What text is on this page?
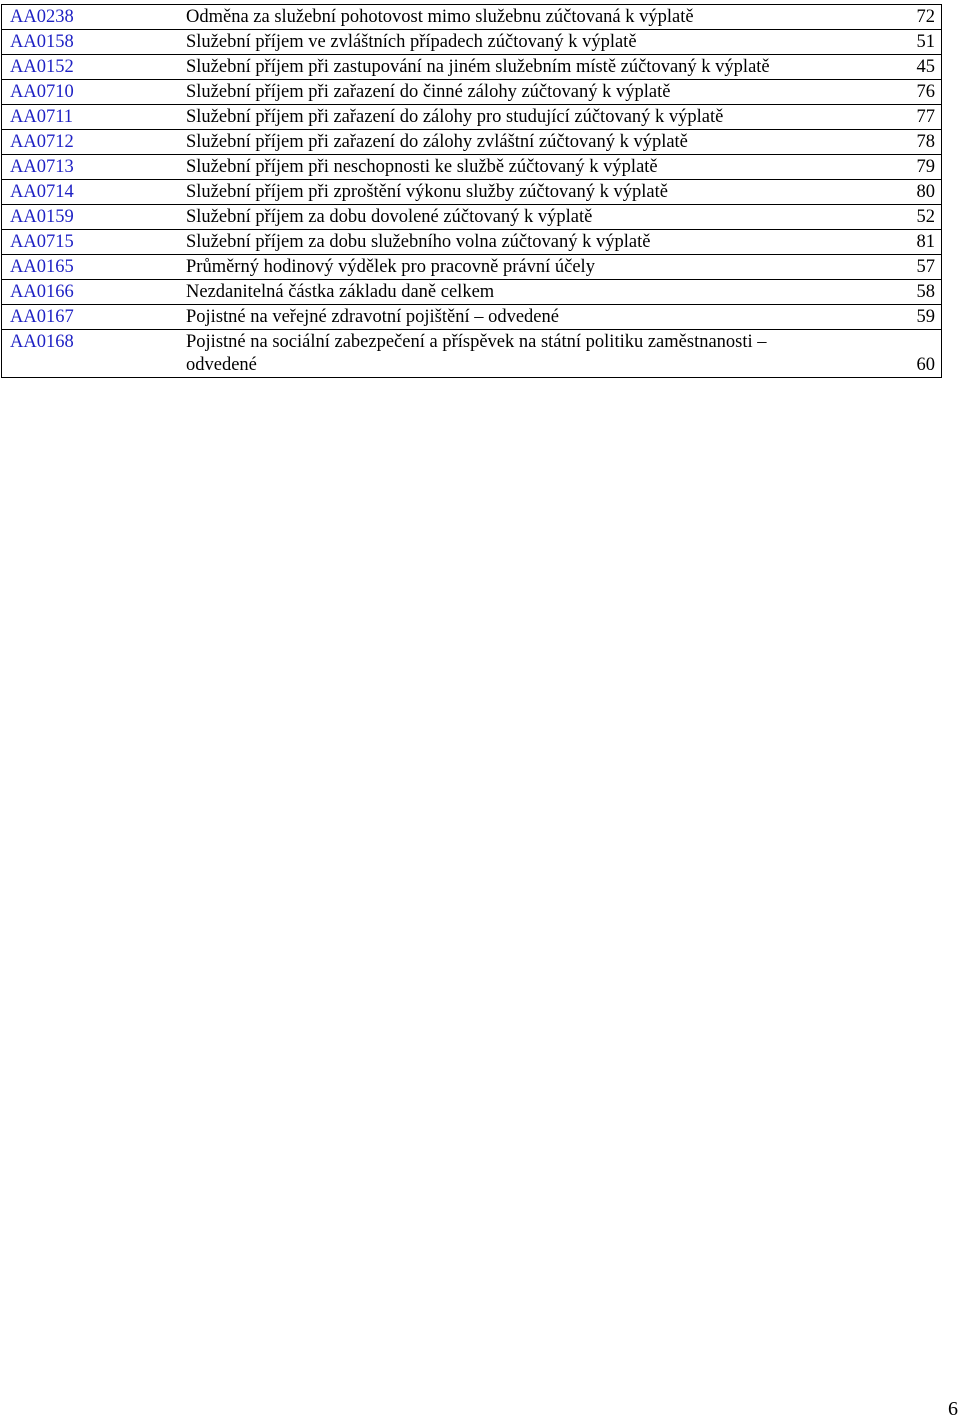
AA0238	Odměna za služební pohotovost mimo služebnu zúčtovaná k výplatě	72
AA0158	Služební příjem ve zvláštních případech zúčtovaný k výplatě	51
AA0152	Služební příjem při zastupování na jiném služebním místě zúčtovaný k výplatě	45
AA0710	Služební příjem při zařazení do činné zálohy zúčtovaný k výplatě	76
AA0711	Služební příjem při zařazení do zálohy pro studující zúčtovaný k výplatě	77
AA0712	Služební příjem při zařazení do zálohy zvláštní zúčtovaný k výplatě	78
AA0713	Služební příjem při neschopnosti ke službě zúčtovaný k výplatě	79
AA0714	Služební příjem při zproštění výkonu služby zúčtovaný k výplatě	80
AA0159	Služební příjem za dobu dovolené zúčtovaný k výplatě	52
AA0715	Služební příjem za dobu služebního volna zúčtovaný k výplatě	81
AA0165	Průměrný hodinový výdělek pro pracovně právní účely	57
AA0166	Nezdanitelná částka základu daně celkem	58
AA0167	Pojistné na veřejné zdravotní pojištění – odvedené	59
AA0168	Pojistné na sociální zabezpečení a příspěvek na státní politiku zaměstnanosti –
odvedené	60
6
